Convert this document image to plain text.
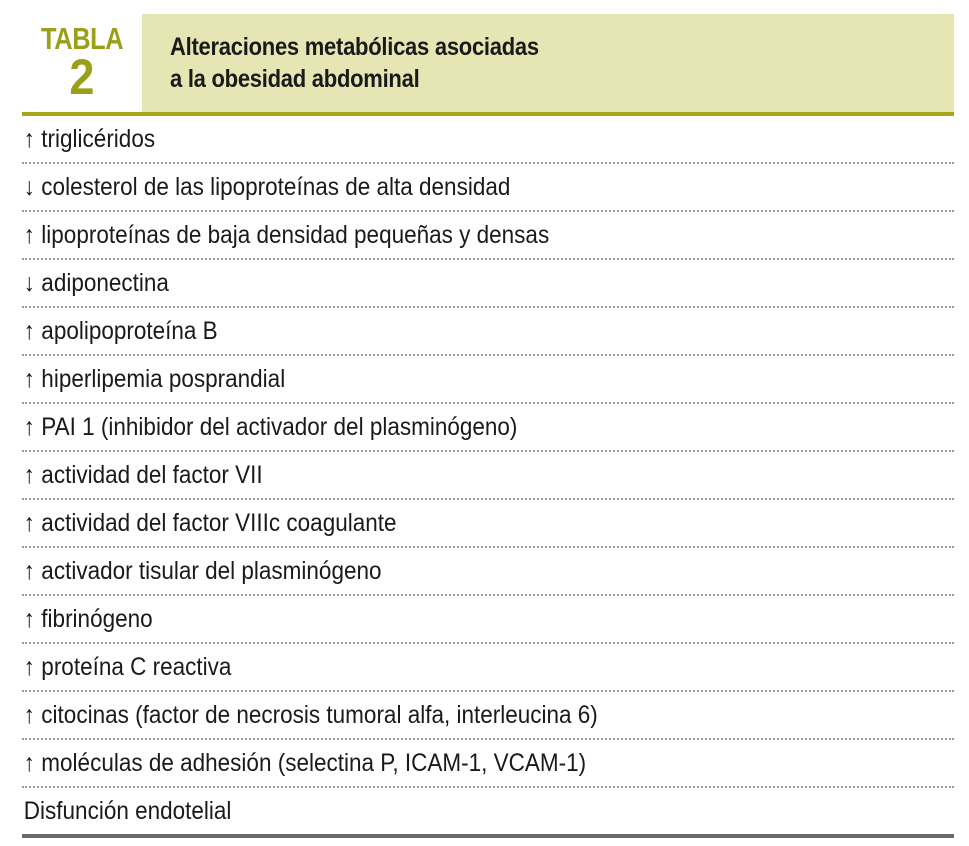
TABLA
2
Alteraciones metabólicas asociadas
a la obesidad abdominal
↑ triglicéridos
↓ colesterol de las lipoproteínas de alta densidad
↑ lipoproteínas de baja densidad pequeñas y densas
↓ adiponectina
↑ apolipoproteína B
↑ hiperlipemia posprandial
↑ PAI 1 (inhibidor del activador del plasminógeno)
↑ actividad del factor VII
↑ actividad del factor VIIIc coagulante
↑ activador tisular del plasminógeno
↑ fibrinógeno
↑ proteína C reactiva
↑ citocinas (factor de necrosis tumoral alfa, interleucina 6)
↑ moléculas de adhesión (selectina P, ICAM-1, VCAM-1)
Disfunción endotelial
